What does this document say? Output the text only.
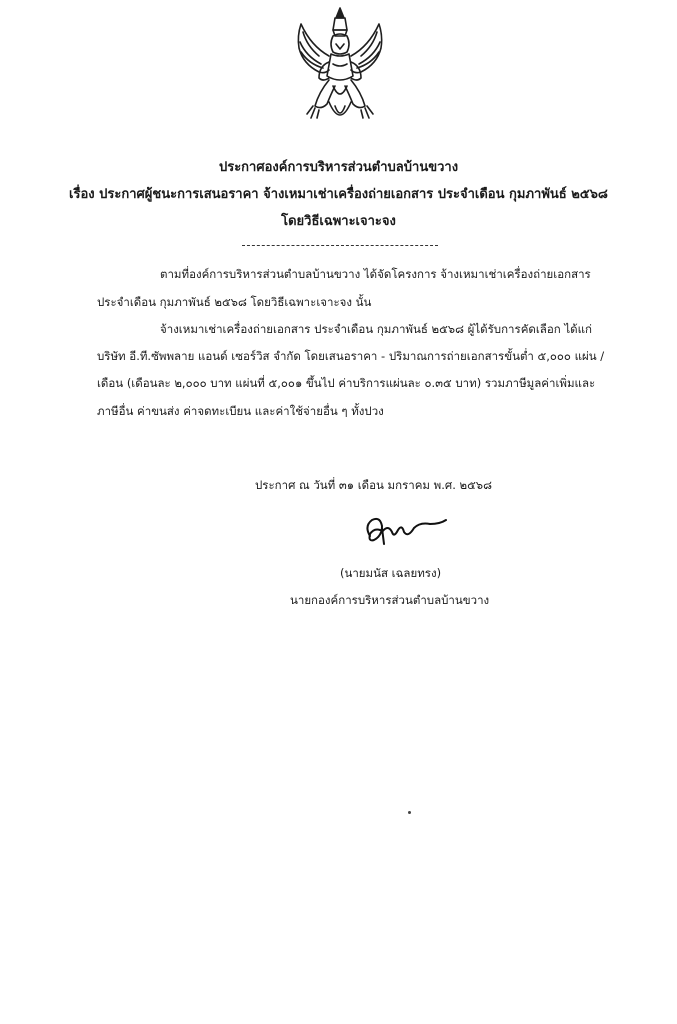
ประกาศองค์การบริหารส่วนตำบลบ้านขวาง
เรื่อง ประกาศผู้ชนะการเสนอราคา จ้างเหมาเช่าเครื่องถ่ายเอกสาร ประจำเดือน กุมภาพันธ์ ๒๕๖๘
โดยวิธีเฉพาะเจาะจง
ตามที่องค์การบริหารส่วนตำบลบ้านขวาง ได้จัดโครงการ จ้างเหมาเช่าเครื่องถ่ายเอกสาร
ประจำเดือน กุมภาพันธ์ ๒๕๖๘ โดยวิธีเฉพาะเจาะจง นั้น
จ้างเหมาเช่าเครื่องถ่ายเอกสาร ประจำเดือน กุมภาพันธ์ ๒๕๖๘ ผู้ได้รับการคัดเลือก ได้แก่
บริษัท อี.ที.ซัพพลาย แอนด์ เซอร์วิส จำกัด โดยเสนอราคา - ปริมาณการถ่ายเอกสารขั้นต่ำ ๕,๐๐๐ แผ่น /
เดือน (เดือนละ ๒,๐๐๐ บาท แผ่นที่ ๕,๐๐๑ ขึ้นไป ค่าบริการแผ่นละ ๐.๓๕ บาท) รวมภาษีมูลค่าเพิ่มและ
ภาษีอื่น ค่าขนส่ง ค่าจดทะเบียน และค่าใช้จ่ายอื่น ๆ ทั้งปวง
ประกาศ ณ วันที่ ๓๑ เดือน มกราคม พ.ศ. ๒๕๖๘
(นายมนัส เฉลยทรง)
นายกองค์การบริหารส่วนตำบลบ้านขวาง
